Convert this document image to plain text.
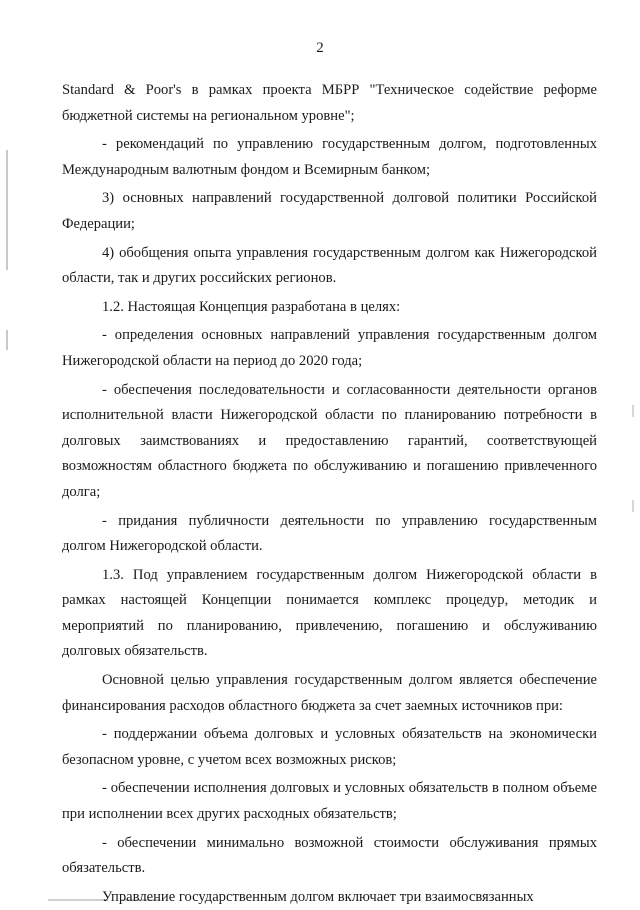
2

Standard & Poor's в рамках проекта МБРР "Техническое содействие реформе бюджетной системы на региональном уровне";

- рекомендаций по управлению государственным долгом, подготовленных Международным валютным фондом и Всемирным банком;

3) основных направлений государственной долговой политики Российской Федерации;

4) обобщения опыта управления государственным долгом как Нижегородской области, так и других российских регионов.

1.2. Настоящая Концепция разработана в целях:

- определения основных направлений управления государственным долгом Нижегородской области на период до 2020 года;

- обеспечения последовательности и согласованности деятельности органов исполнительной власти Нижегородской области по планированию потребности в долговых заимствованиях и предоставлению гарантий, соответствующей возможностям областного бюджета по обслуживанию и погашению привлеченного долга;

- придания публичности деятельности по управлению государственным долгом Нижегородской области.

1.3. Под управлением государственным долгом Нижегородской области в рамках настоящей Концепции понимается комплекс процедур, методик и мероприятий по планированию, привлечению, погашению и обслуживанию долговых обязательств.

Основной целью управления государственным долгом является обеспечение финансирования расходов областного бюджета за счет заемных источников при:

- поддержании объема долговых и условных обязательств на экономически безопасном уровне, с учетом всех возможных рисков;

- обеспечении исполнения долговых и условных обязательств в полном объеме при исполнении всех других расходных обязательств;

- обеспечении минимально возможной стоимости обслуживания прямых обязательств.

Управление государственным долгом включает три взаимосвязанных
